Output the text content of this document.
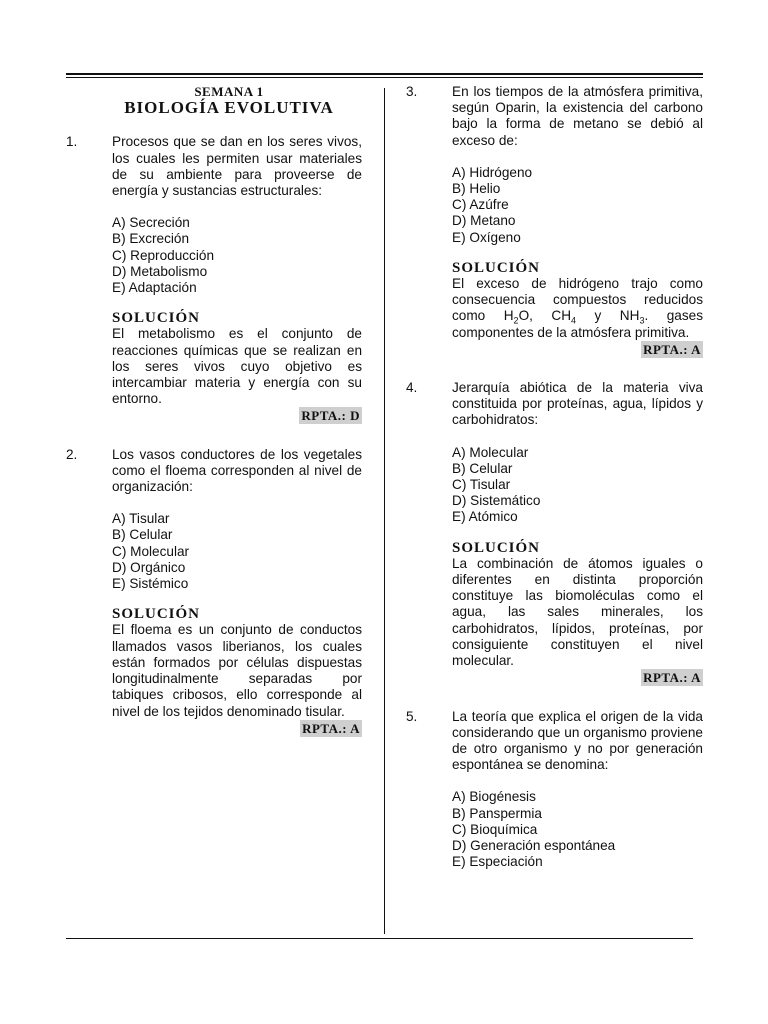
SEMANA 1

BIOLOGÍA EVOLUTIVA

1.	Procesos que se dan en los seres vivos, los cuales les permiten usar materiales de su ambiente para proveerse de energía y sustancias estructurales:
A) Secreción
B) Excreción
C) Reproducción
D) Metabolismo
E) Adaptación

SOLUCIÓN

El metabolismo es el conjunto de reacciones químicas que se realizan en los seres vivos cuyo objetivo es intercambiar materia y energía con su entorno.

RPTA.: D

2.	Los vasos conductores de los vegetales como el floema corresponden al nivel de organización:
A) Tisular
B) Celular
C) Molecular
D) Orgánico
E) Sistémico

SOLUCIÓN

El floema es un conjunto de conductos llamados vasos liberianos, los cuales están formados por células dispuestas longitudinalmente separadas por tabiques cribosos, ello corresponde al nivel de los tejidos denominado tisular.

RPTA.: A

3.	En los tiempos de la atmósfera primitiva, según Oparin, la existencia del carbono bajo la forma de metano se debió al exceso de:
A) Hidrógeno
B) Helio
C) Azúfre
D) Metano
E) Oxígeno

SOLUCIÓN

El exceso de hidrógeno trajo como consecuencia compuestos reducidos como $H_2O$, $CH_4$ y $NH_3$. gases componentes de la atmósfera primitiva.

RPTA.: A

4.	Jerarquía abiótica de la materia viva constituida por proteínas, agua, lípidos y carbohidratos:
A) Molecular
B) Celular
C) Tisular
D) Sistemático
E) Atómico

SOLUCIÓN

La combinación de átomos iguales o diferentes en distinta proporción constituye las biomoléculas como el agua, las sales minerales, los carbohidratos, lípidos, proteínas, por consiguiente constituyen el nivel molecular.

RPTA.: A

5.	La teoría que explica el origen de la vida considerando que un organismo proviene de otro organismo y no por generación espontánea se denomina:
A) Biogénesis
B) Panspermia
C) Bioquímica
D) Generación espontánea
E) Especiación
